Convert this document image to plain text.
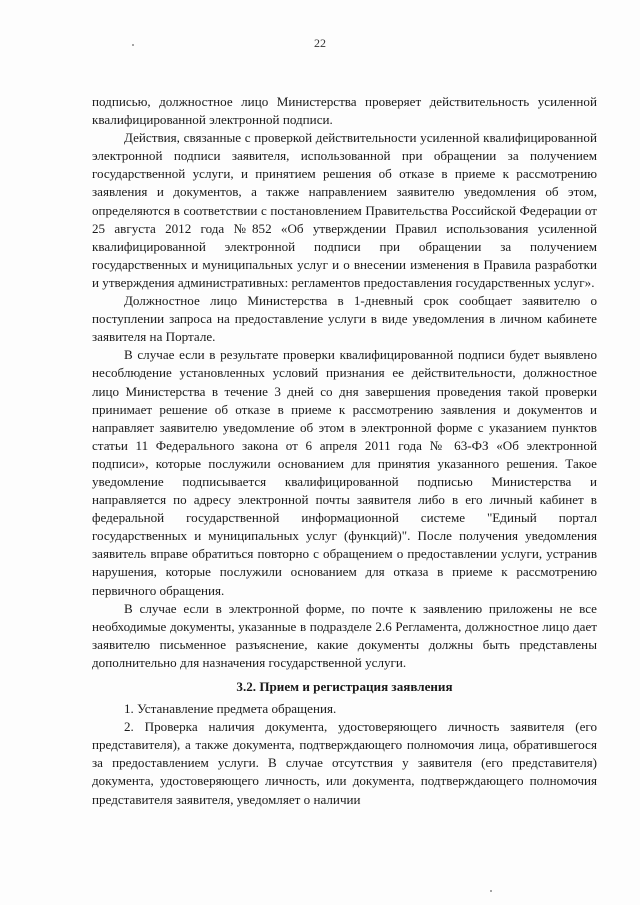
22

подписью, должностное лицо Министерства проверяет действительность усиленной квалифицированной электронной подписи.

Действия, связанные с проверкой действительности усиленной квалифицированной электронной подписи заявителя, использованной при обращении за получением государственной услуги, и принятием решения об отказе в приеме к рассмотрению заявления и документов, а также направлением заявителю уведомления об этом, определяются в соответствии с постановлением Правительства Российской Федерации от 25 августа 2012 года №852 «Об утверждении Правил использования усиленной квалифицированной электронной подписи при обращении за получением государственных и муниципальных услуг и о внесении изменения в Правила разработки и утверждения административных: регламентов предоставления государственных услуг».

Должностное лицо Министерства в 1-дневный срок сообщает заявителю о поступлении запроса на предоставление услуги в виде уведомления в личном кабинете заявителя на Портале.

В случае если в результате проверки квалифицированной подписи будет выявлено несоблюдение установленных условий признания ее действительности, должностное лицо Министерства в течение 3 дней со дня завершения проведения такой проверки принимает решение об отказе в приеме к рассмотрению заявления и документов и направляет заявителю уведомление об этом в электронной форме с указанием пунктов статьи 11 Федерального закона от 6 апреля 2011 года № 63-ФЗ «Об электронной подписи», которые послужили основанием для принятия указанного решения. Такое уведомление подписывается квалифицированной подписью Министерства и направляется по адресу электронной почты заявителя либо в его личный кабинет в федеральной государственной информационной системе "Единый портал государственных и муниципальных услуг (функций)". После получения уведомления заявитель вправе обратиться повторно с обращением о предоставлении услуги, устранив нарушения, которые послужили основанием для отказа в приеме к рассмотрению первичного обращения.

В случае если в электронной форме, по почте к заявлению приложены не все необходимые документы, указанные в подразделе 2.6 Регламента, должностное лицо дает заявителю письменное разъяснение, какие документы должны быть представлены дополнительно для назначения государственной услуги.

3.2. Прием и регистрация заявления

1. Устанавление предмета обращения.

2. Проверка наличия документа, удостоверяющего личность заявителя (его представителя), а также документа, подтверждающего полномочия лица, обратившегося за предоставлением услуги. В случае отсутствия у заявителя (его представителя) документа, удостоверяющего личность, или документа, подтверждающего полномочия представителя заявителя, уведомляет о наличии
